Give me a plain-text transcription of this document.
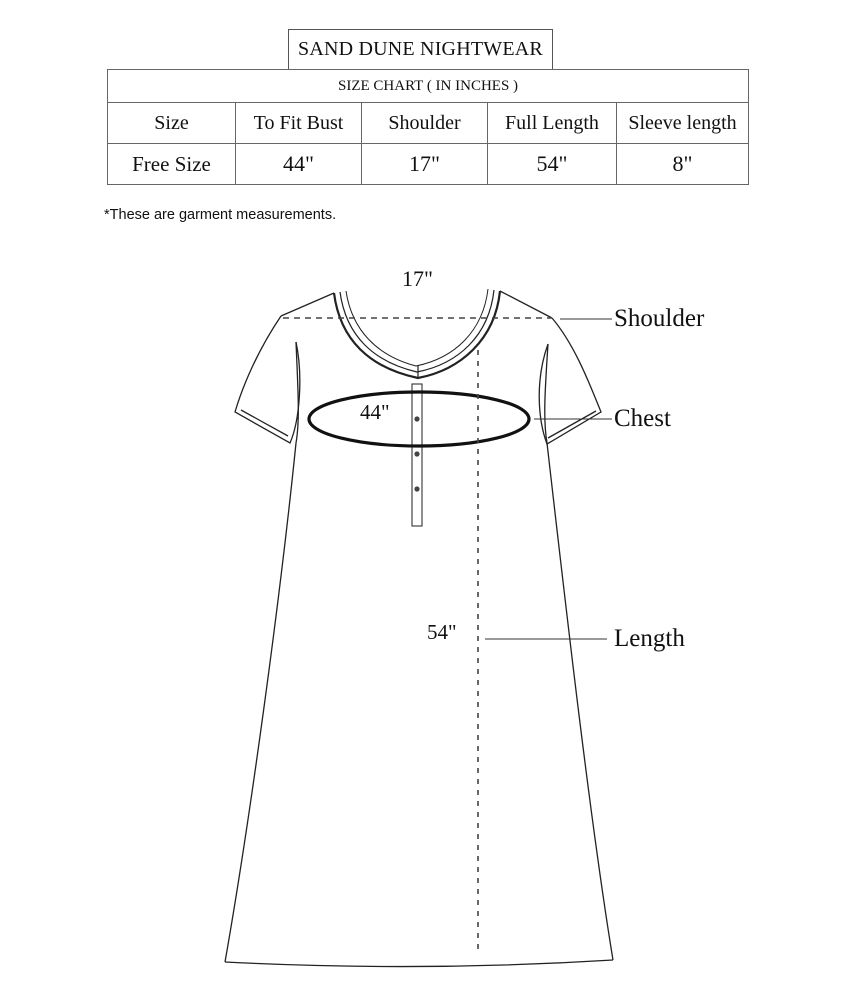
SAND DUNE NIGHTWEAR
SIZE CHART ( IN INCHES )				
Size	To Fit Bust	Shoulder	Full Length	Sleeve length
Free Size	44"	17"	54"	8"
*These are garment measurements.
17"
44"
54"
Shoulder
Chest
Length
